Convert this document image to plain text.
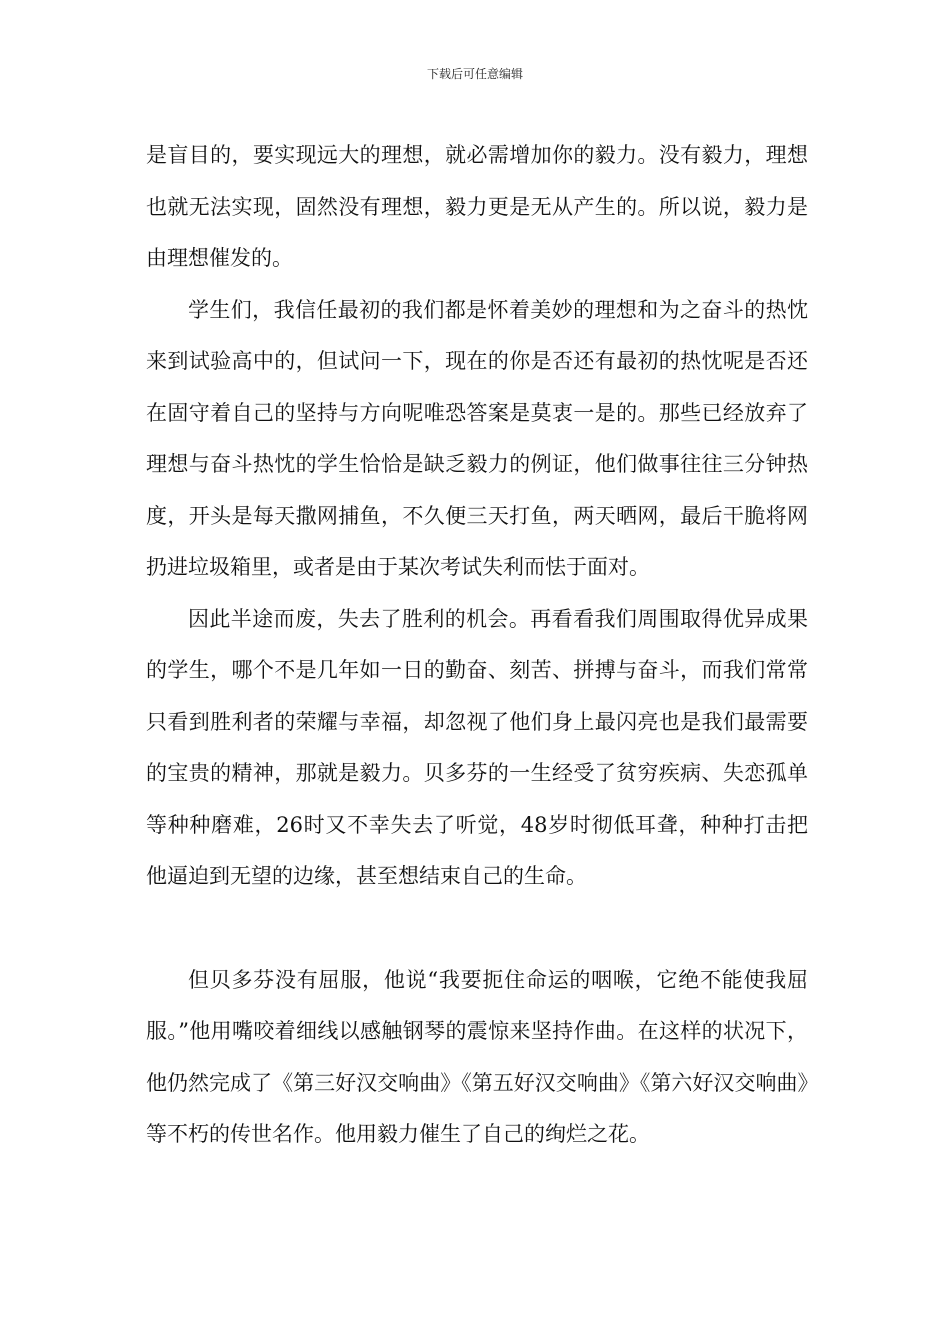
下载后可任意编辑

是盲目的，要实现远大的理想，就必需增加你的毅力。没有毅力，理想也就无法实现，固然没有理想，毅力更是无从产生的。所以说，毅力是由理想催发的。

学生们，我信任最初的我们都是怀着美妙的理想和为之奋斗的热忱来到试验高中的，但试问一下，现在的你是否还有最初的热忱呢是否还在固守着自己的坚持与方向呢唯恐答案是莫衷一是的。那些已经放弃了理想与奋斗热忱的学生恰恰是缺乏毅力的例证，他们做事往往三分钟热度，开头是每天撒网捕鱼，不久便三天打鱼，两天晒网，最后干脆将网扔进垃圾箱里，或者是由于某次考试失利而怯于面对。

因此半途而废，失去了胜利的机会。再看看我们周围取得优异成果的学生，哪个不是几年如一日的勤奋、刻苦、拼搏与奋斗，而我们常常只看到胜利者的荣耀与幸福，却忽视了他们身上最闪亮也是我们最需要的宝贵的精神，那就是毅力。贝多芬的一生经受了贫穷疾病、失恋孤单等种种磨难，26时又不幸失去了听觉，48岁时彻低耳聋，种种打击把他逼迫到无望的边缘，甚至想结束自己的生命。

但贝多芬没有屈服，他说“我要扼住命运的咽喉，它绝不能使我屈服。”他用嘴咬着细线以感触钢琴的震惊来坚持作曲。在这样的状况下，他仍然完成了《第三好汉交响曲》《第五好汉交响曲》《第六好汉交响曲》等不朽的传世名作。他用毅力催生了自己的绚烂之花。
